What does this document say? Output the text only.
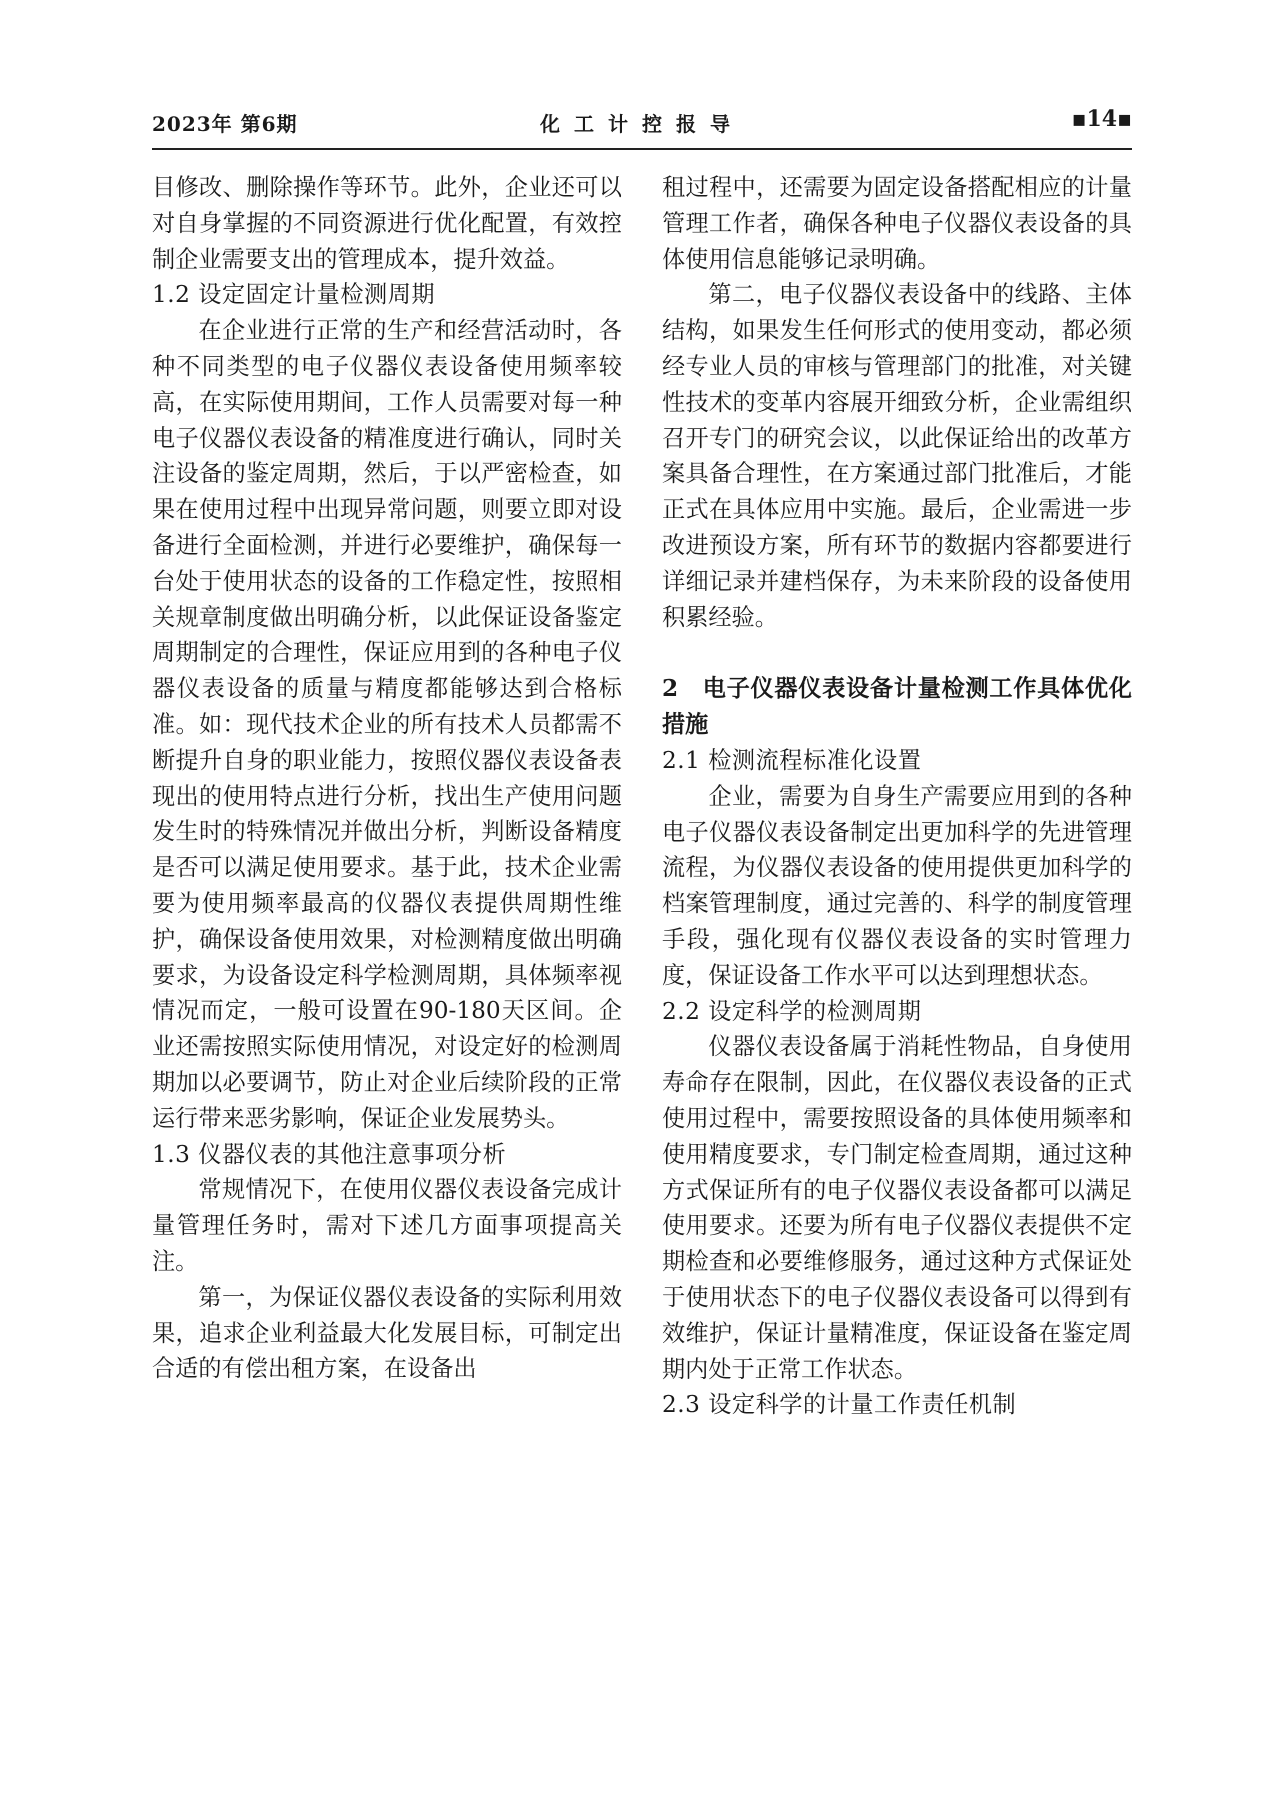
2023年 第6期	化工计控报导	▪14▪

目修改、删除操作等环节。此外，企业还可以对自身掌握的不同资源进行优化配置，有效控制企业需要支出的管理成本，提升效益。

1.2 设定固定计量检测周期

在企业进行正常的生产和经营活动时，各种不同类型的电子仪器仪表设备使用频率较高，在实际使用期间，工作人员需要对每一种电子仪器仪表设备的精准度进行确认，同时关注设备的鉴定周期，然后，于以严密检查，如果在使用过程中出现异常问题，则要立即对设备进行全面检测，并进行必要维护，确保每一台处于使用状态的设备的工作稳定性，按照相关规章制度做出明确分析，以此保证设备鉴定周期制定的合理性，保证应用到的各种电子仪器仪表设备的质量与精度都能够达到合格标准。如：现代技术企业的所有技术人员都需不断提升自身的职业能力，按照仪器仪表设备表现出的使用特点进行分析，找出生产使用问题发生时的特殊情况并做出分析，判断设备精度是否可以满足使用要求。基于此，技术企业需要为使用频率最高的仪器仪表提供周期性维护，确保设备使用效果，对检测精度做出明确要求，为设备设定科学检测周期，具体频率视情况而定，一般可设置在90-180天区间。企业还需按照实际使用情况，对设定好的检测周期加以必要调节，防止对企业后续阶段的正常运行带来恶劣影响，保证企业发展势头。

1.3 仪器仪表的其他注意事项分析

常规情况下，在使用仪器仪表设备完成计量管理任务时，需对下述几方面事项提高关注。

第一，为保证仪器仪表设备的实际利用效果，追求企业利益最大化发展目标，可制定出合适的有偿出租方案，在设备出

租过程中，还需要为固定设备搭配相应的计量管理工作者，确保各种电子仪器仪表设备的具体使用信息能够记录明确。

第二，电子仪器仪表设备中的线路、主体结构，如果发生任何形式的使用变动，都必须经专业人员的审核与管理部门的批准，对关键性技术的变革内容展开细致分析，企业需组织召开专门的研究会议，以此保证给出的改革方案具备合理性，在方案通过部门批准后，才能正式在具体应用中实施。最后，企业需进一步改进预设方案，所有环节的数据内容都要进行详细记录并建档保存，为未来阶段的设备使用积累经验。

2　电子仪器仪表设备计量检测工作具体优化措施

2.1 检测流程标准化设置

企业，需要为自身生产需要应用到的各种电子仪器仪表设备制定出更加科学的先进管理流程，为仪器仪表设备的使用提供更加科学的档案管理制度，通过完善的、科学的制度管理手段，强化现有仪器仪表设备的实时管理力度，保证设备工作水平可以达到理想状态。

2.2 设定科学的检测周期

仪器仪表设备属于消耗性物品，自身使用寿命存在限制，因此，在仪器仪表设备的正式使用过程中，需要按照设备的具体使用频率和使用精度要求，专门制定检查周期，通过这种方式保证所有的电子仪器仪表设备都可以满足使用要求。还要为所有电子仪器仪表提供不定期检查和必要维修服务，通过这种方式保证处于使用状态下的电子仪器仪表设备可以得到有效维护，保证计量精准度，保证设备在鉴定周期内处于正常工作状态。

2.3 设定科学的计量工作责任机制
